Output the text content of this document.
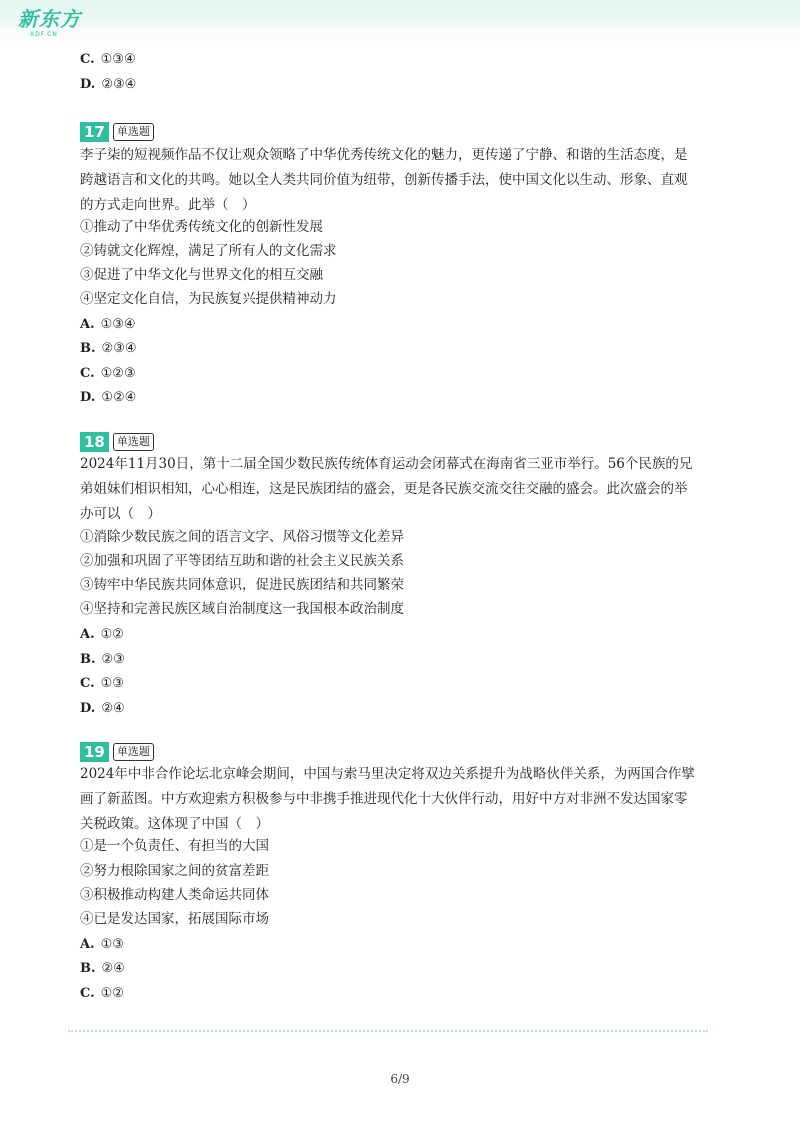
新东方
XDF.CN
C. ①③④
D. ②③④
17	单选题
李子柒的短视频作品不仅让观众领略了中华优秀传统文化的魅力，更传递了宁静、和谐的生活态度，是跨越语言和文化的共鸣。她以全人类共同价值为纽带，创新传播手法，使中国文化以生动、形象、直观的方式走向世界。此举（　）
①推动了中华优秀传统文化的创新性发展
②铸就文化辉煌，满足了所有人的文化需求
③促进了中华文化与世界文化的相互交融
④坚定文化自信，为民族复兴提供精神动力
A. ①③④
B. ②③④
C. ①②③
D. ①②④
18	单选题
2024年11月30日，第十二届全国少数民族传统体育运动会闭幕式在海南省三亚市举行。56个民族的兄弟姐妹们相识相知，心心相连，这是民族团结的盛会，更是各民族交流交往交融的盛会。此次盛会的举办可以（　）
①消除少数民族之间的语言文字、风俗习惯等文化差异
②加强和巩固了平等团结互助和谐的社会主义民族关系
③铸牢中华民族共同体意识，促进民族团结和共同繁荣
④坚持和完善民族区域自治制度这一我国根本政治制度
A. ①②
B. ②③
C. ①③
D. ②④
19	单选题
2024年中非合作论坛北京峰会期间，中国与索马里决定将双边关系提升为战略伙伴关系，为两国合作擘画了新蓝图。中方欢迎索方积极参与中非携手推进现代化十大伙伴行动，用好中方对非洲不发达国家零关税政策。这体现了中国（　）
①是一个负责任、有担当的大国
②努力根除国家之间的贫富差距
③积极推动构建人类命运共同体
④已是发达国家，拓展国际市场
A. ①③
B. ②④
C. ①②
6/9
